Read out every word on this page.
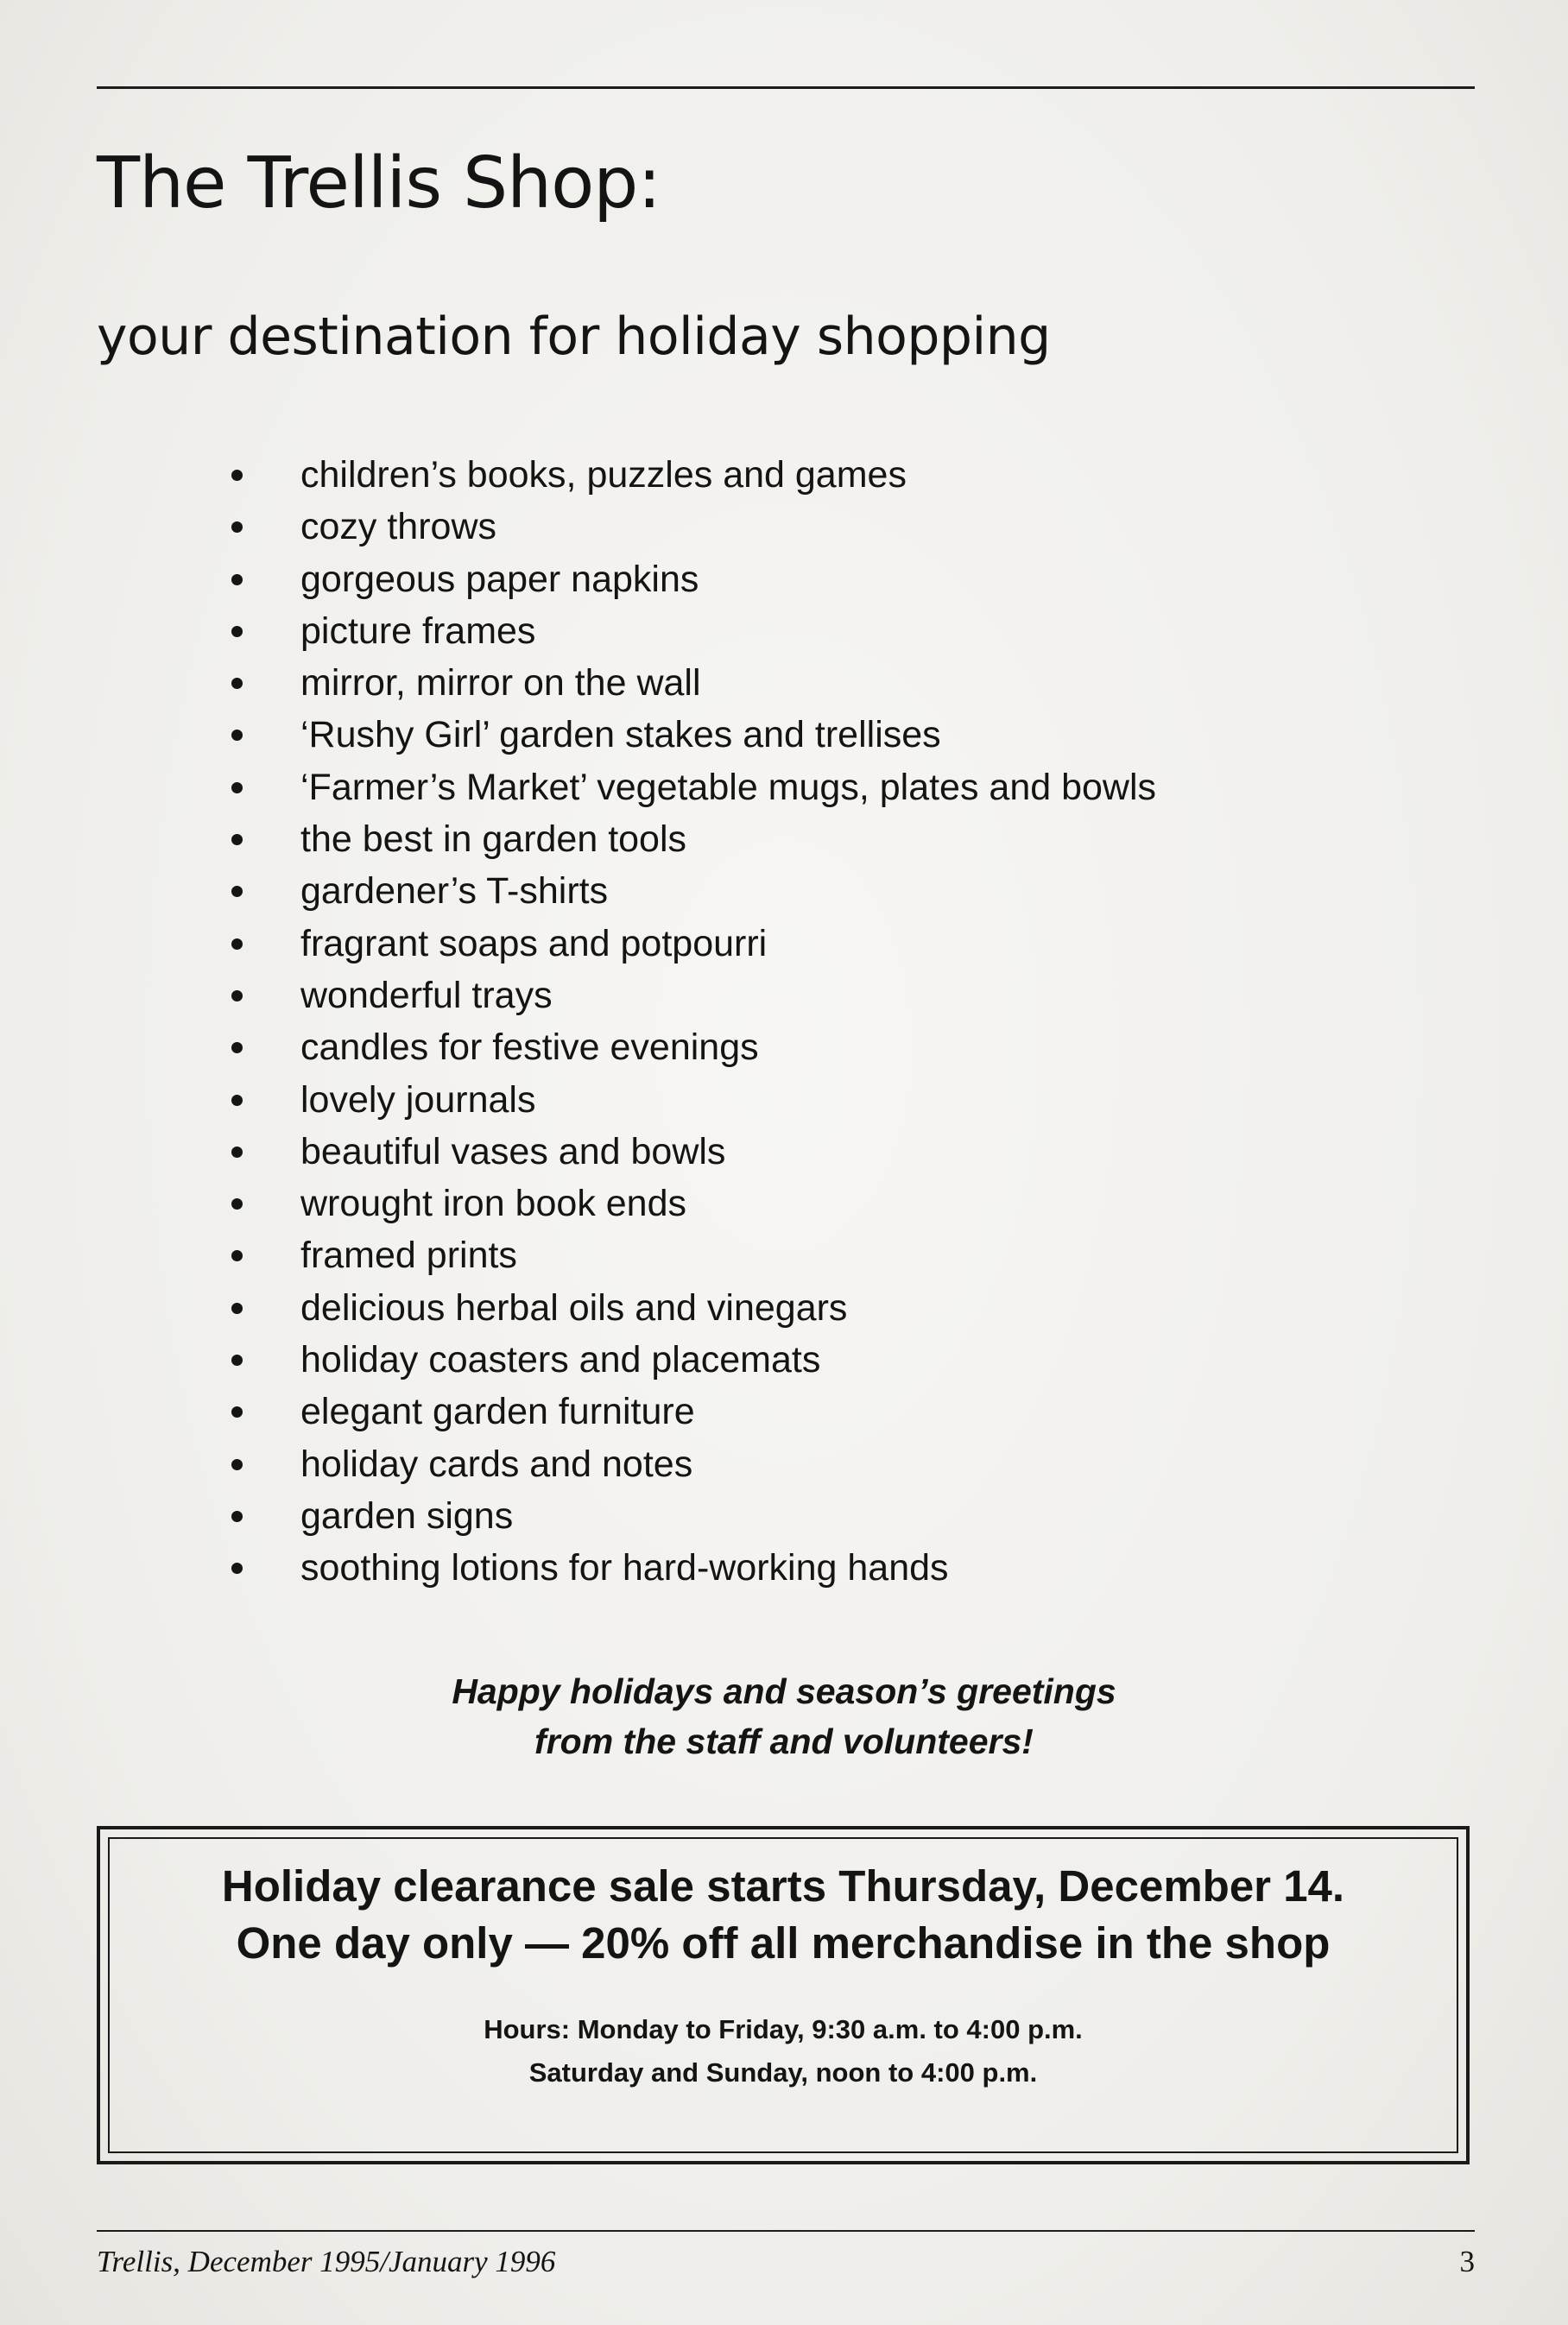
The Trellis Shop:
your destination for holiday shopping
children’s books, puzzles and games
cozy throws
gorgeous paper napkins
picture frames
mirror, mirror on the wall
‘Rushy Girl’ garden stakes and trellises
‘Farmer’s Market’ vegetable mugs, plates and bowls
the best in garden tools
gardener’s T-shirts
fragrant soaps and potpourri
wonderful trays
candles for festive evenings
lovely journals
beautiful vases and bowls
wrought iron book ends
framed prints
delicious herbal oils and vinegars
holiday coasters and placemats
elegant garden furniture
holiday cards and notes
garden signs
soothing lotions for hard-working hands
Happy holidays and season’s greetings
from the staff and volunteers!
Holiday clearance sale starts Thursday, December 14.
One day only — 20% off all merchandise in the shop
Hours: Monday to Friday, 9:30 a.m. to 4:00 p.m.
Saturday and Sunday, noon to 4:00 p.m.
Trellis, December 1995/January 1996	3
